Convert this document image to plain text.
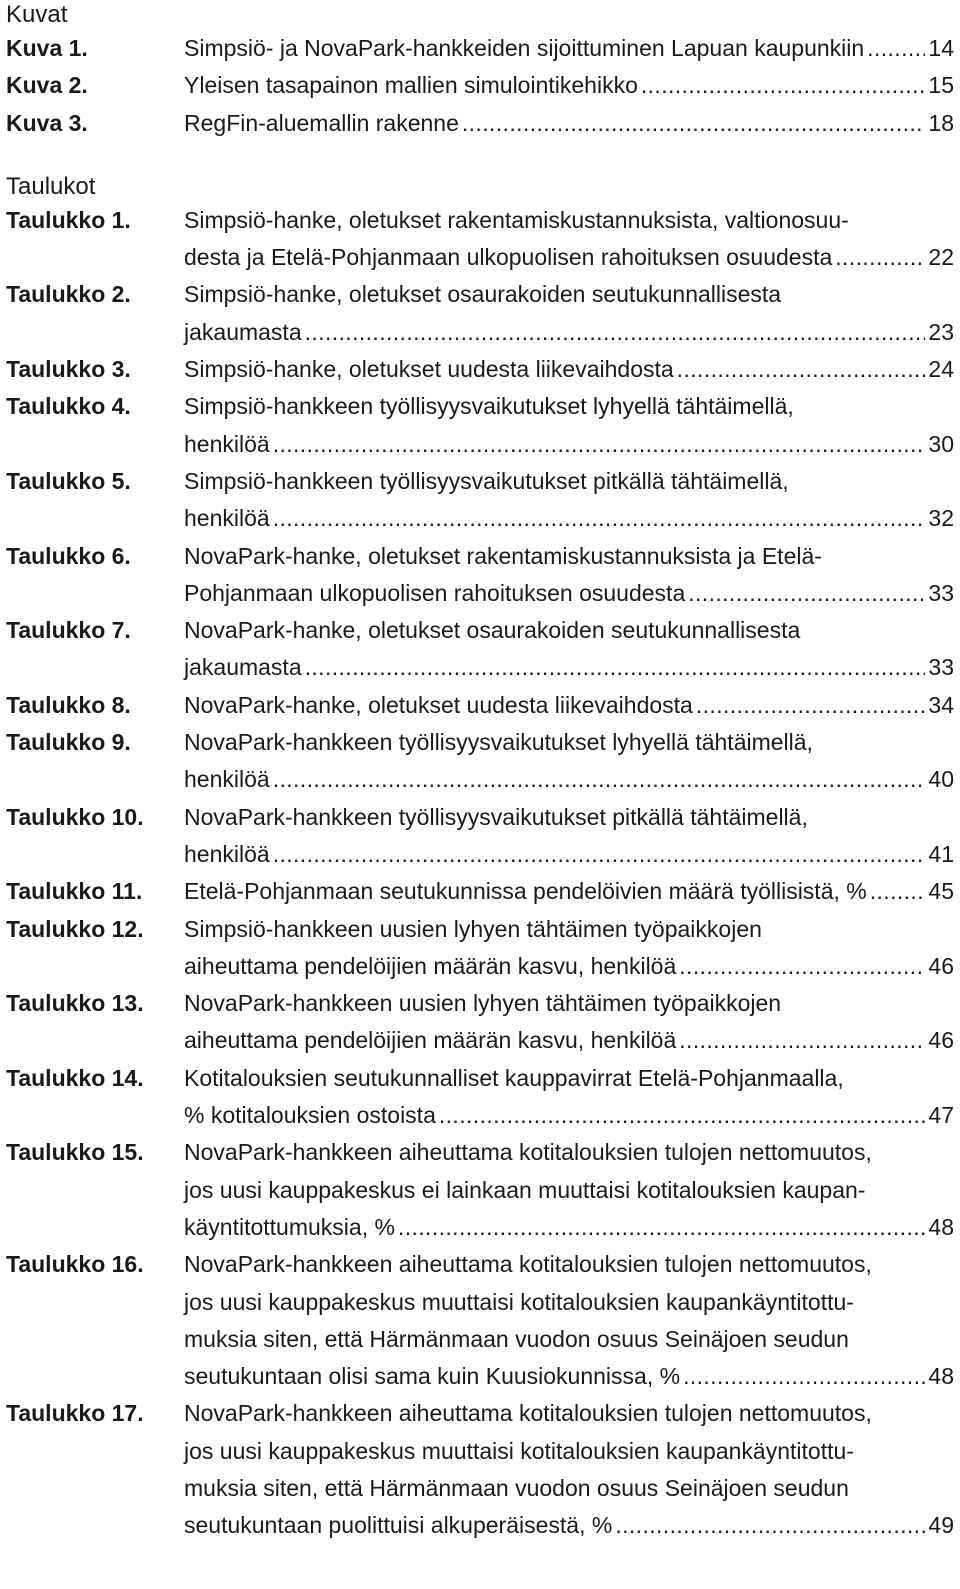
Kuvat
Kuva 1.	Simpsiö- ja NovaPark-hankkeiden sijoittuminen Lapuan kaupunkiin . . .	14
Kuva 2.	Yleisen tasapainon mallien simulointikehikko . . .	15
Kuva 3.	RegFin-aluemallin rakenne . . .	18
Taulukot
Taulukko 1.	Simpsiö-hanke, oletukset rakentamiskustannuksista, valtionosuu-
desta ja Etelä-Pohjanmaan ulkopuolisen rahoituksen osuudesta . . .	22
Taulukko 2.	Simpsiö-hanke, oletukset osaurakoiden seutukunnallisesta
jakaumasta . . .	23
Taulukko 3.	Simpsiö-hanke, oletukset uudesta liikevaihdosta . . .	24
Taulukko 4.	Simpsiö-hankkeen työllisyysvaikutukset lyhyellä tähtäimellä,
henkilöä . . .	30
Taulukko 5.	Simpsiö-hankkeen työllisyysvaikutukset pitkällä tähtäimellä,
henkilöä . . .	32
Taulukko 6.	NovaPark-hanke, oletukset rakentamiskustannuksista ja Etelä-
Pohjanmaan ulkopuolisen rahoituksen osuudesta . . .	33
Taulukko 7.	NovaPark-hanke, oletukset osaurakoiden seutukunnallisesta
jakaumasta . . .	33
Taulukko 8.	NovaPark-hanke, oletukset uudesta liikevaihdosta . . .	34
Taulukko 9.	NovaPark-hankkeen työllisyysvaikutukset lyhyellä tähtäimellä,
henkilöä . . .	40
Taulukko 10.	NovaPark-hankkeen työllisyysvaikutukset pitkällä tähtäimellä,
henkilöä . . .	41
Taulukko 11.	Etelä-Pohjanmaan seutukunnissa pendelöivien määrä työllisistä, % . . .	45
Taulukko 12.	Simpsiö-hankkeen uusien lyhyen tähtäimen työpaikkojen
aiheuttama pendelöijien määrän kasvu, henkilöä . . .	46
Taulukko 13.	NovaPark-hankkeen uusien lyhyen tähtäimen työpaikkojen
aiheuttama pendelöijien määrän kasvu, henkilöä . . .	46
Taulukko 14.	Kotitalouksien seutukunnalliset kauppavirrat Etelä-Pohjanmaalla,
% kotitalouksien ostoista . . .	47
Taulukko 15.	NovaPark-hankkeen aiheuttama kotitalouksien tulojen nettomuutos,
jos uusi kauppakeskus ei lainkaan muuttaisi kotitalouksien kaupan-
käyntitottumuksia, % . . .	48
Taulukko 16.	NovaPark-hankkeen aiheuttama kotitalouksien tulojen nettomuutos,
jos uusi kauppakeskus muuttaisi kotitalouksien kaupankäyntitottu-
muksia siten, että Härmänmaan vuodon osuus Seinäjoen seudun
seutukuntaan olisi sama kuin Kuusiokunnissa, % . . .	48
Taulukko 17.	NovaPark-hankkeen aiheuttama kotitalouksien tulojen nettomuutos,
jos uusi kauppakeskus muuttaisi kotitalouksien kaupankäyntitottu-
muksia siten, että Härmänmaan vuodon osuus Seinäjoen seudun
seutukuntaan puolittuisi alkuperäisestä, % . . .	49
